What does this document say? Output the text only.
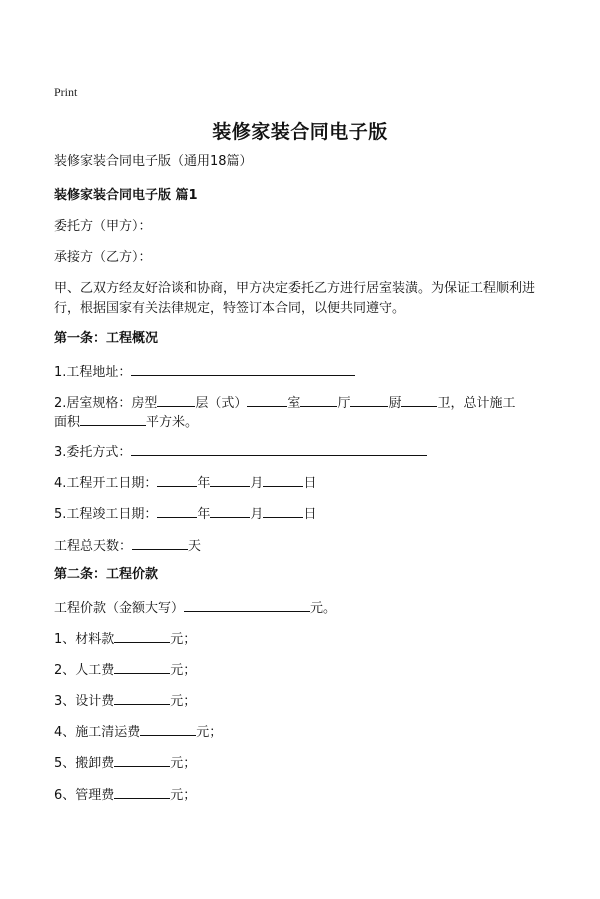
Print
装修家装合同电子版
装修家装合同电子版（通用18篇）
装修家装合同电子版 篇1
委托方（甲方）：
承接方（乙方）：
甲、乙双方经友好洽谈和协商，甲方决定委托乙方进行居室装潢。为保证工程顺利进行，根据国家有关法律规定，特签订本合同，以便共同遵守。
第一条：工程概况
1.工程地址：
2.居室规格：房型	层（式）	室	厅	厨	卫，总计施工
面积	平方米。
3.委托方式：
4.工程开工日期：	年	月	日
5.工程竣工日期：	年	月	日
工程总天数：	天
第二条：工程价款
工程价款（金额大写）	元。
1、材料款	元；
2、人工费	元；
3、设计费	元；
4、施工清运费	元；
5、搬卸费	元；
6、管理费	元；
